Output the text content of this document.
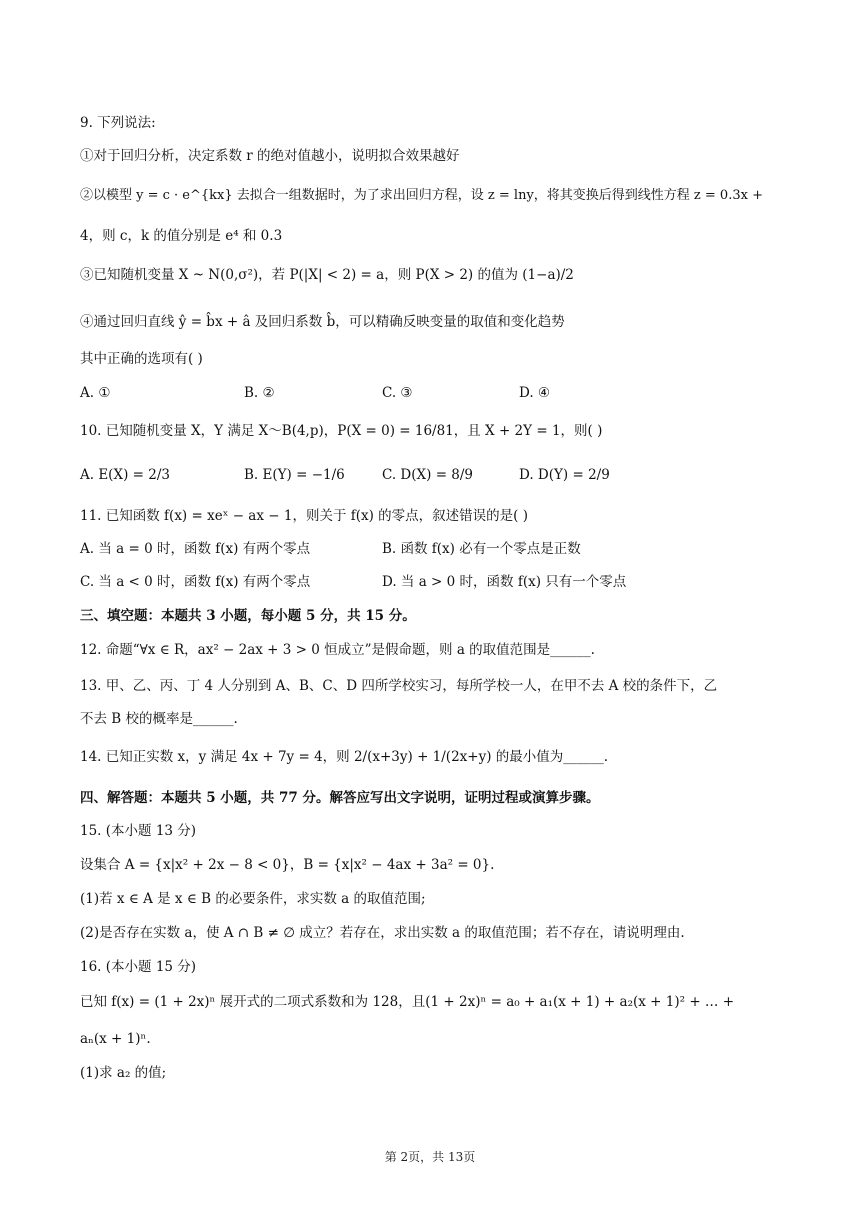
9. 下列说法:
①对于回归分析，决定系数 r 的绝对值越小，说明拟合效果越好
②以模型 y = c · e^{kx} 去拟合一组数据时，为了求出回归方程，设 z = lny，将其变换后得到线性方程 z = 0.3x +
4，则 c，k 的值分别是 e⁴ 和 0.3
③已知随机变量 X ~ N(0,σ²)，若 P(|X| < 2) = a，则 P(X > 2) 的值为 (1−a)/2
④通过回归直线 ŷ = b̂x + â 及回归系数 b̂，可以精确反映变量的取值和变化趋势
其中正确的选项有( )
A. ①	B. ②	C. ③	D. ④
10. 已知随机变量 X，Y 满足 X～B(4,p)，P(X = 0) = 16/81，且 X + 2Y = 1，则( )
A. E(X) = 2/3	B. E(Y) = −1/6	C. D(X) = 8/9	D. D(Y) = 2/9
11. 已知函数 f(x) = xeˣ − ax − 1，则关于 f(x) 的零点，叙述错误的是( )
A. 当 a = 0 时，函数 f(x) 有两个零点	B. 函数 f(x) 必有一个零点是正数
C. 当 a < 0 时，函数 f(x) 有两个零点	D. 当 a > 0 时，函数 f(x) 只有一个零点
三、填空题：本题共 3 小题，每小题 5 分，共 15 分。
12. 命题“∀x ∈ R，ax² − 2ax + 3 > 0 恒成立”是假命题，则 a 的取值范围是______.
13. 甲、乙、丙、丁 4 人分别到 A、B、C、D 四所学校实习，每所学校一人，在甲不去 A 校的条件下，乙
不去 B 校的概率是______.
14. 已知正实数 x，y 满足 4x + 7y = 4，则 2/(x+3y) + 1/(2x+y) 的最小值为______.
四、解答题：本题共 5 小题，共 77 分。解答应写出文字说明，证明过程或演算步骤。
15. (本小题 13 分)
设集合 A = {x|x² + 2x − 8 < 0}，B = {x|x² − 4ax + 3a² = 0}.
(1)若 x ∈ A 是 x ∈ B 的必要条件，求实数 a 的取值范围;
(2)是否存在实数 a，使 A ∩ B ≠ ∅ 成立？若存在，求出实数 a 的取值范围；若不存在，请说明理由.
16. (本小题 15 分)
已知 f(x) = (1 + 2x)ⁿ 展开式的二项式系数和为 128，且(1 + 2x)ⁿ = a₀ + a₁(x + 1) + a₂(x + 1)² + … +
aₙ(x + 1)ⁿ.
(1)求 a₂ 的值;
第 2页，共 13页
